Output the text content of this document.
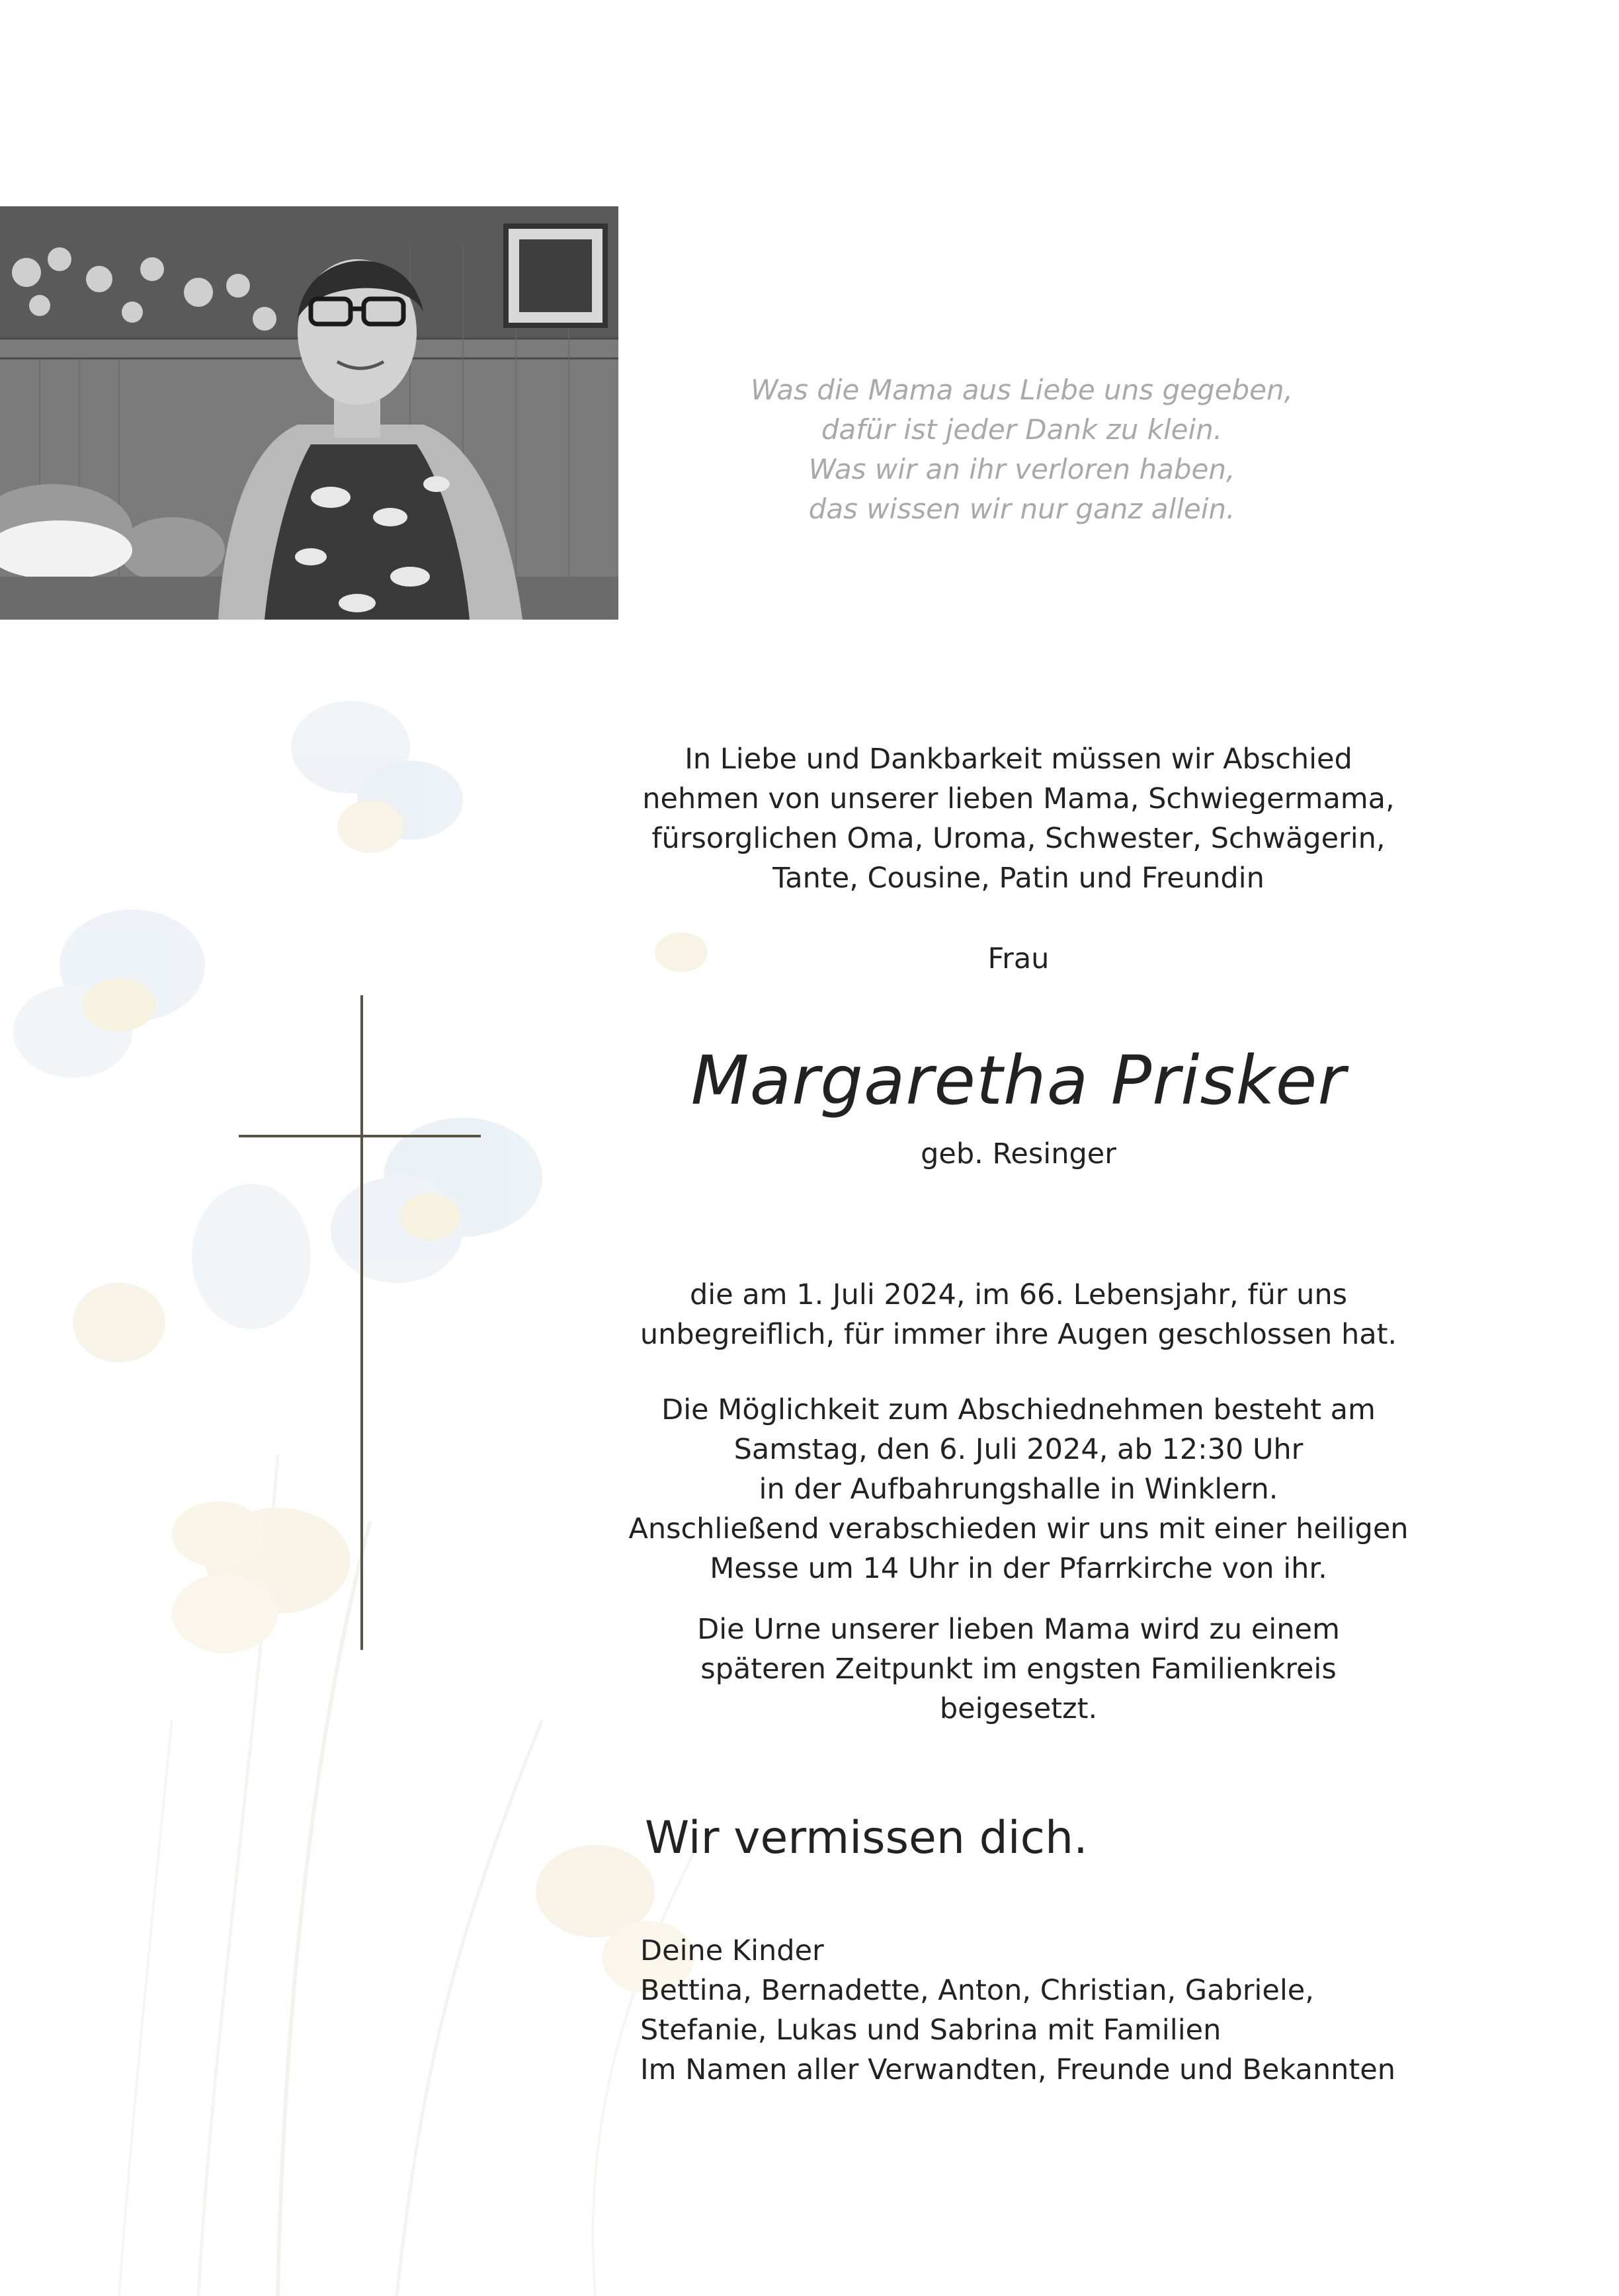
Was die Mama aus Liebe uns gegeben,
dafür ist jeder Dank zu klein.
Was wir an ihr verloren haben,
das wissen wir nur ganz allein.
In Liebe und Dankbarkeit müssen wir Abschied
nehmen von unserer lieben Mama, Schwiegermama,
fürsorglichen Oma, Uroma, Schwester, Schwägerin,
Tante, Cousine, Patin und Freundin
Frau
Margaretha Prisker
geb. Resinger
die am 1. Juli 2024, im 66. Lebensjahr, für uns
unbegreiflich, für immer ihre Augen geschlossen hat.
Die Möglichkeit zum Abschiednehmen besteht am
Samstag, den 6. Juli 2024, ab 12:30 Uhr
in der Aufbahrungshalle in Winklern.
Anschließend verabschieden wir uns mit einer heiligen
Messe um 14 Uhr in der Pfarrkirche von ihr.
Die Urne unserer lieben Mama wird zu einem
späteren Zeitpunkt im engsten Familienkreis
beigesetzt.
Wir vermissen dich.
Deine Kinder
Bettina, Bernadette, Anton, Christian, Gabriele,
Stefanie, Lukas und Sabrina mit Familien
Im Namen aller Verwandten, Freunde und Bekannten
